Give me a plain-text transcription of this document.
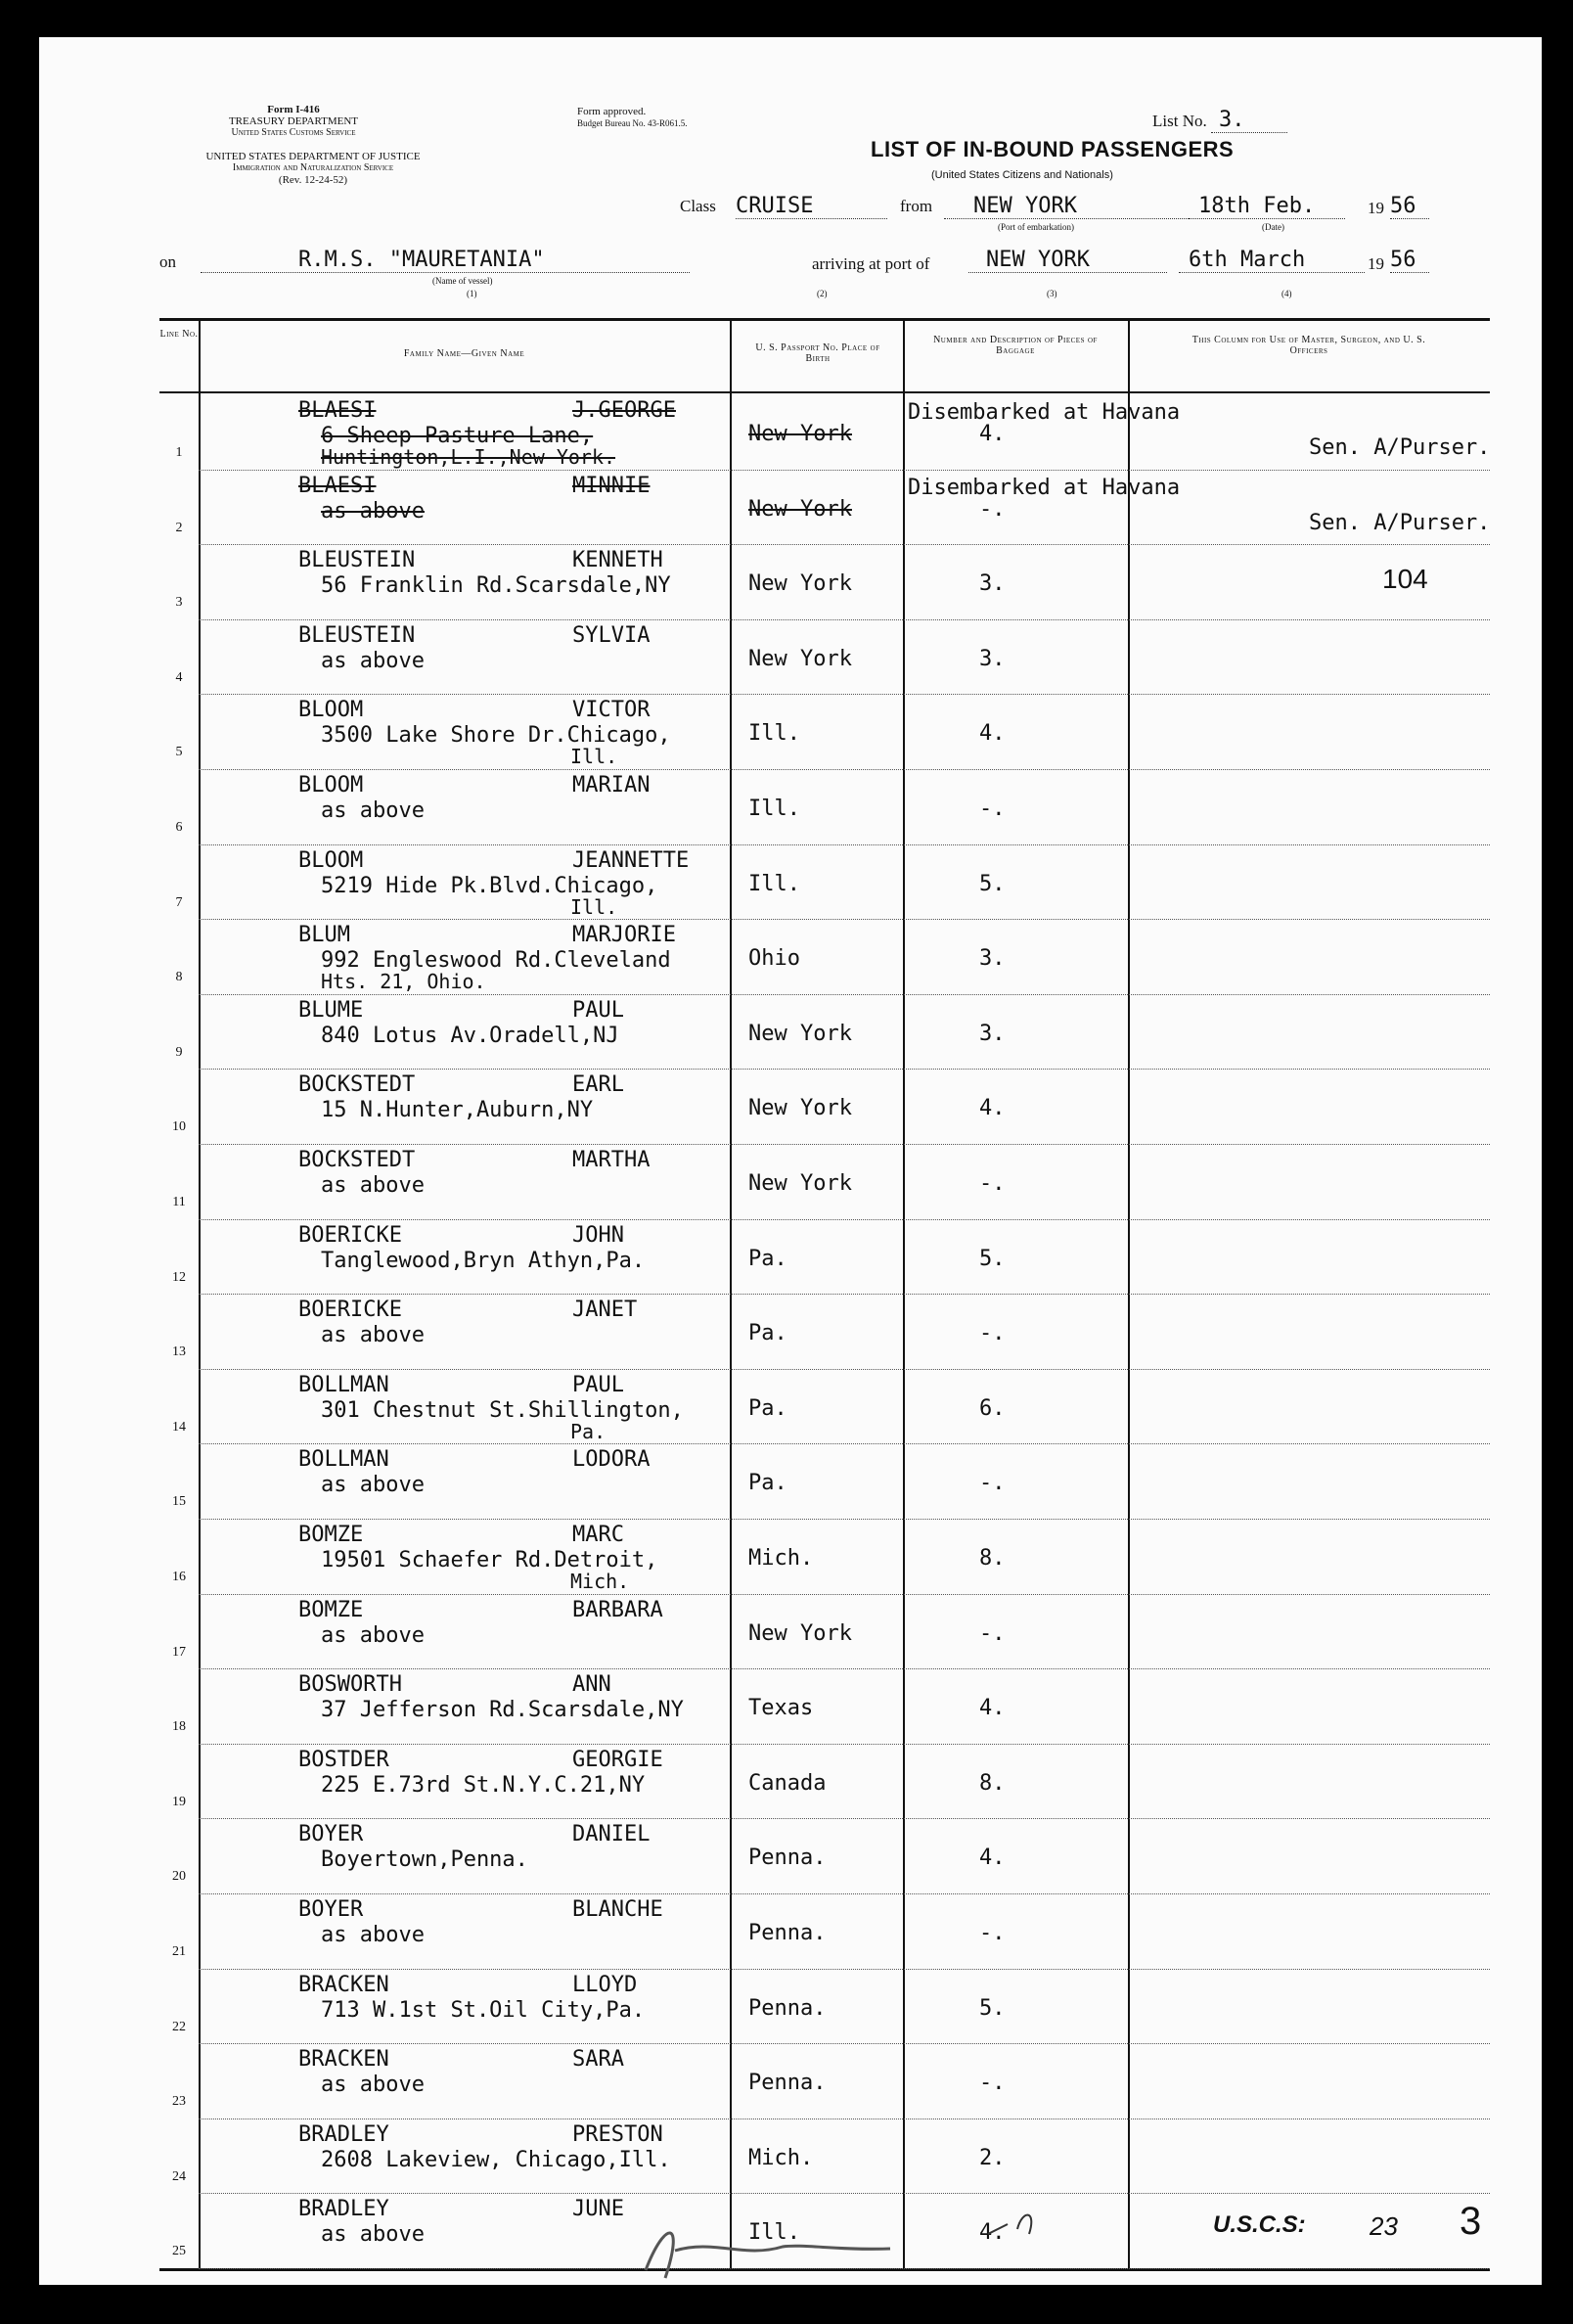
Form I-416
TREASURY DEPARTMENT
United States Customs Service
UNITED STATES DEPARTMENT OF JUSTICE
Immigration and Naturalization Service
(Rev. 12-24-52)
Form approved.
Budget Bureau No. 43-R061.5.	List No. 3.
LIST OF IN-BOUND PASSENGERS
(United States Citizens and Nationals)
Class CRUISE	from	NEW YORK
(Port of embarkation)
18th Feb.
(Date)
19 56
on	R.M.S. "MAURETANIA"
(Name of vessel)
(1)	(2)	(3)	(4)
arriving at port of	NEW YORK	6th March	19 56
Line No.
Family Name—Given Name
U. S. Passport No. Place of Birth
Number and Description of Pieces of Baggage
This Column for Use of Master, Surgeon, and U. S. Officers
1
BLAESI	J.GEORGE
6 Sheep Pasture Lane,	New York	4.
Huntington,L.I.,New York.
Disembarked at Havana
Sen. A/Purser.
2
BLAESI	MINNIE
as above	New York	-.
Disembarked at Havana
Sen. A/Purser.
3
BLEUSTEIN	KENNETH
56 Franklin Rd.Scarsdale,NY	New York	3.	104
4
BLEUSTEIN	SYLVIA
as above	New York	3.
5
BLOOM	VICTOR
3500 Lake Shore Dr.Chicago,	Ill.	4.
Ill.
6
BLOOM	MARIAN
as above	Ill.	-.
7
BLOOM	JEANNETTE
5219 Hide Pk.Blvd.Chicago,	Ill.	5.
Ill.
8
BLUM	MARJORIE
992 Engleswood Rd.Cleveland	Ohio	3.
Hts. 21, Ohio.
9
BLUME	PAUL
840 Lotus Av.Oradell,NJ	New York	3.
10
BOCKSTEDT	EARL
15 N.Hunter,Auburn,NY	New York	4.
11
BOCKSTEDT	MARTHA
as above	New York	-.
12
BOERICKE	JOHN
Tanglewood,Bryn Athyn,Pa.	Pa.	5.
13
BOERICKE	JANET
as above	Pa.	-.
14
BOLLMAN	PAUL
301 Chestnut St.Shillington,	Pa.	6.
Pa.
15
BOLLMAN	LODORA
as above	Pa.	-.
16
BOMZE	MARC
19501 Schaefer Rd.Detroit,	Mich.	8.
Mich.
17
BOMZE	BARBARA
as above	New York	-.
18
BOSWORTH	ANN
37 Jefferson Rd.Scarsdale,NY	Texas	4.
19
BOSTDER	GEORGIE
225 E.73rd St.N.Y.C.21,NY	Canada	8.
20
BOYER	DANIEL
Boyertown,Penna.	Penna.	4.
21
BOYER	BLANCHE
as above	Penna.	-.
22
BRACKEN	LLOYD
713 W.1st St.Oil City,Pa.	Penna.	5.
23
BRACKEN	SARA
as above	Penna.	-.
24
BRADLEY	PRESTON
2608 Lakeview, Chicago,Ill.	Mich.	2.
25
BRADLEY	JUNE
as above	Ill.	4.	U.S.C.S:	23 3
